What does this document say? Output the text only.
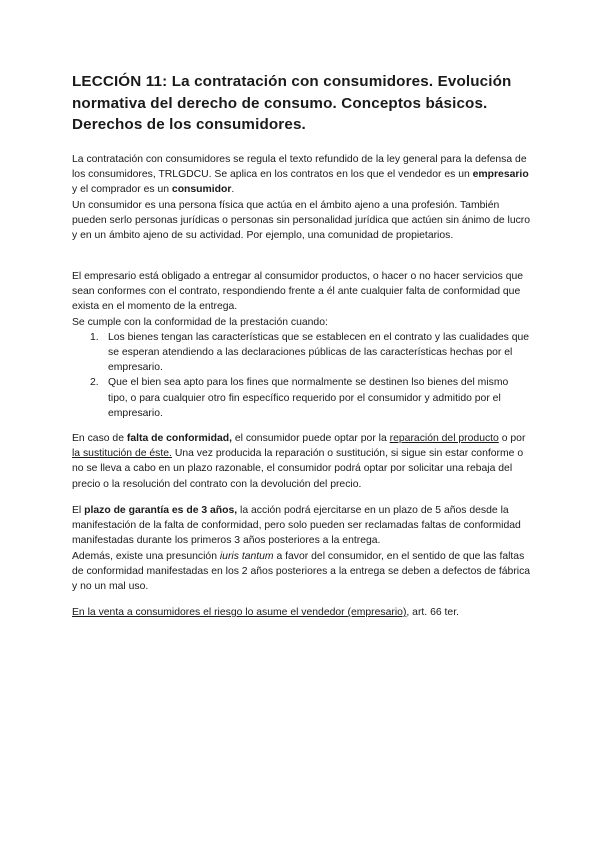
LECCIÓN 11: La contratación con consumidores. Evolución normativa del derecho de consumo. Conceptos básicos. Derechos de los consumidores.

La contratación con consumidores se regula el texto refundido de la ley general para la defensa de los consumidores, TRLGDCU. Se aplica en los contratos en los que el vendedor es un empresario y el comprador es un consumidor.

Un consumidor es una persona física que actúa en el ámbito ajeno a una profesión. También pueden serlo personas jurídicas o personas sin personalidad jurídica que actúen sin ánimo de lucro y en un ámbito ajeno de su actividad. Por ejemplo, una comunidad de propietarios.

El empresario está obligado a entregar al consumidor productos, o hacer o no hacer servicios que sean conformes con el contrato, respondiendo frente a él ante cualquier falta de conformidad que exista en el momento de la entrega.

Se cumple con la conformidad de la prestación cuando:

1. Los bienes tengan las características que se establecen en el contrato y las cualidades que se esperan atendiendo a las declaraciones públicas de las características hechas por el empresario.
2. Que el bien sea apto para los fines que normalmente se destinen lso bienes del mismo tipo, o para cualquier otro fin específico requerido por el consumidor y admitido por el empresario.

En caso de falta de conformidad, el consumidor puede optar por la reparación del producto o por la sustitución de éste. Una vez producida la reparación o sustitución, si sigue sin estar conforme o no se lleva a cabo en un plazo razonable, el consumidor podrá optar por solicitar una rebaja del precio o la resolución del contrato con la devolución del precio.

El plazo de garantía es de 3 años, la acción podrá ejercitarse en un plazo de 5 años desde la manifestación de la falta de conformidad, pero solo pueden ser reclamadas faltas de conformidad manifestadas durante los primeros 3 años posteriores a la entrega.

Además, existe una presunción iuris tantum a favor del consumidor, en el sentido de que las faltas de conformidad manifestadas en los 2 años posteriores a la entrega se deben a defectos de fábrica y no un mal uso.

En la venta a consumidores el riesgo lo asume el vendedor (empresario), art. 66 ter.
